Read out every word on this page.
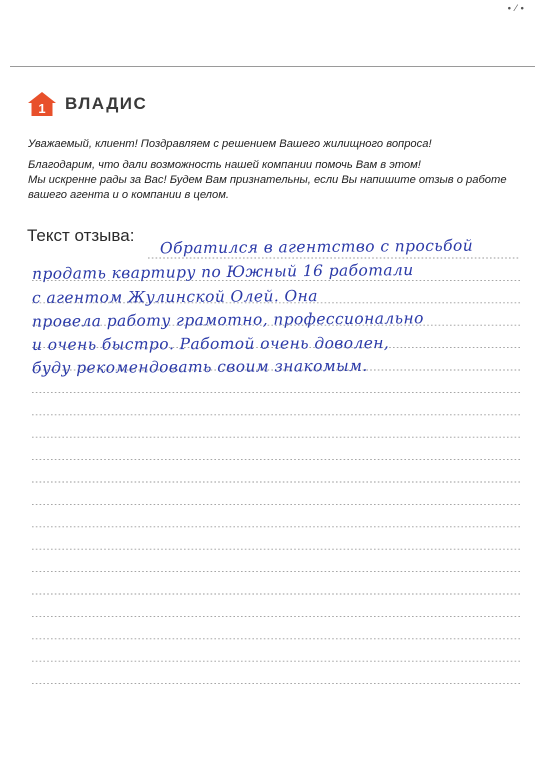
∙ ⁄ ∙
1 ВЛАДИС
Уважаемый, клиент! Поздравляем с решением Вашего жилищного вопроса!
Благодарим, что дали возможность нашей компании помочь Вам в этом!
Мы искренне рады за Вас! Будем Вам признательны, если Вы напишите отзыв о работе
вашего агента и о компании в целом.
Текст отзыва:
Обратился в агентство с просьбой
продать квартиру по Южный 16 работали
с агентом Жулинской Олей. Она
провела работу грамотно, профессионально
и очень быстро. Работой очень доволен,
буду рекомендовать своим знакомым.
